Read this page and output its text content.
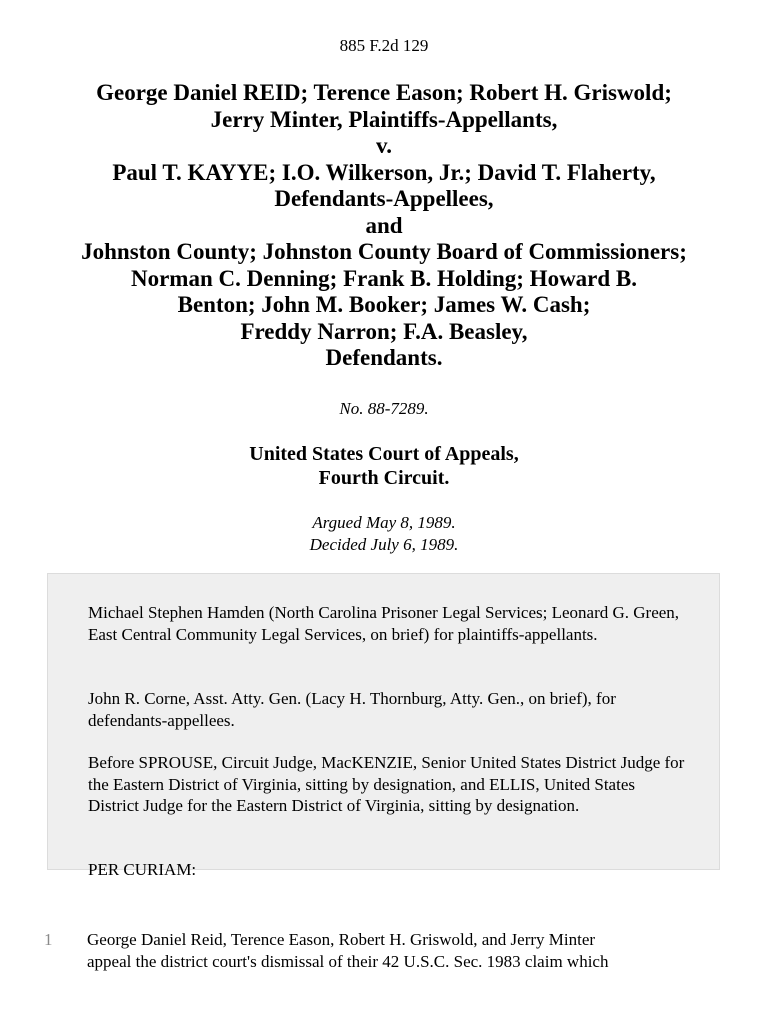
885 F.2d 129
George Daniel REID; Terence Eason; Robert H. Griswold;
Jerry Minter, Plaintiffs-Appellants,
v.
Paul T. KAYYE; I.O. Wilkerson, Jr.; David T. Flaherty,
Defendants-Appellees,
and
Johnston County; Johnston County Board of Commissioners;
Norman C. Denning; Frank B. Holding; Howard B.
Benton; John M. Booker; James W. Cash;
Freddy Narron; F.A. Beasley,
Defendants.
No. 88-7289.
United States Court of Appeals,
Fourth Circuit.
Argued May 8, 1989.
Decided July 6, 1989.

Michael Stephen Hamden (North Carolina Prisoner Legal Services; Leonard G. Green, East Central Community Legal Services, on brief) for plaintiffs-appellants.

John R. Corne, Asst. Atty. Gen. (Lacy H. Thornburg, Atty. Gen., on brief), for defendants-appellees.

Before SPROUSE, Circuit Judge, MacKENZIE, Senior United States District Judge for the Eastern District of Virginia, sitting by designation, and ELLIS, United States District Judge for the Eastern District of Virginia, sitting by designation.

PER CURIAM:

1 George Daniel Reid, Terence Eason, Robert H. Griswold, and Jerry Minter
appeal the district court's dismissal of their 42 U.S.C. Sec. 1983 claim which
